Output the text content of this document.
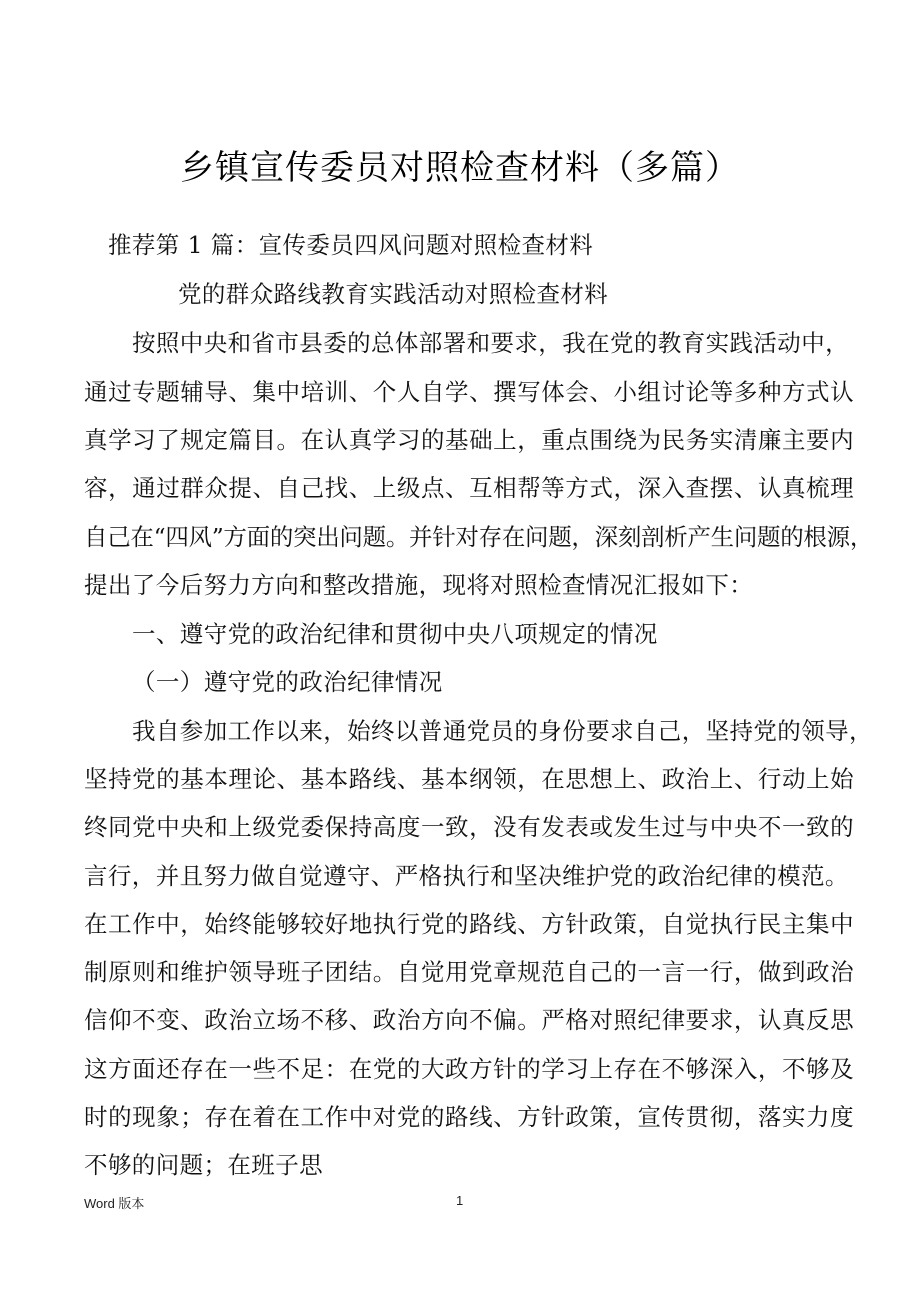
乡镇宣传委员对照检查材料（多篇）
推荐第 1 篇：宣传委员四风问题对照检查材料
党的群众路线教育实践活动对照检查材料
按照中央和省市县委的总体部署和要求，我在党的教育实践活动中，
通过专题辅导、集中培训、个人自学、撰写体会、小组讨论等多种方式认
真学习了规定篇目。在认真学习的基础上，重点围绕为民务实清廉主要内
容，通过群众提、自己找、上级点、互相帮等方式，深入查摆、认真梳理
自己在“四风”方面的突出问题。并针对存在问题，深刻剖析产生问题的根源，
提出了今后努力方向和整改措施，现将对照检查情况汇报如下：
一、遵守党的政治纪律和贯彻中央八项规定的情况
（一）遵守党的政治纪律情况
我自参加工作以来，始终以普通党员的身份要求自己，坚持党的领导，
坚持党的基本理论、基本路线、基本纲领，在思想上、政治上、行动上始
终同党中央和上级党委保持高度一致，没有发表或发生过与中央不一致的
言行，并且努力做自觉遵守、严格执行和坚决维护党的政治纪律的模范。
在工作中，始终能够较好地执行党的路线、方针政策，自觉执行民主集中
制原则和维护领导班子团结。自觉用党章规范自己的一言一行，做到政治
信仰不变、政治立场不移、政治方向不偏。严格对照纪律要求，认真反思
这方面还存在一些不足：在党的大政方针的学习上存在不够深入，不够及
时的现象；存在着在工作中对党的路线、方针政策，宣传贯彻，落实力度
不够的问题；在班子思
Word 版本	1
